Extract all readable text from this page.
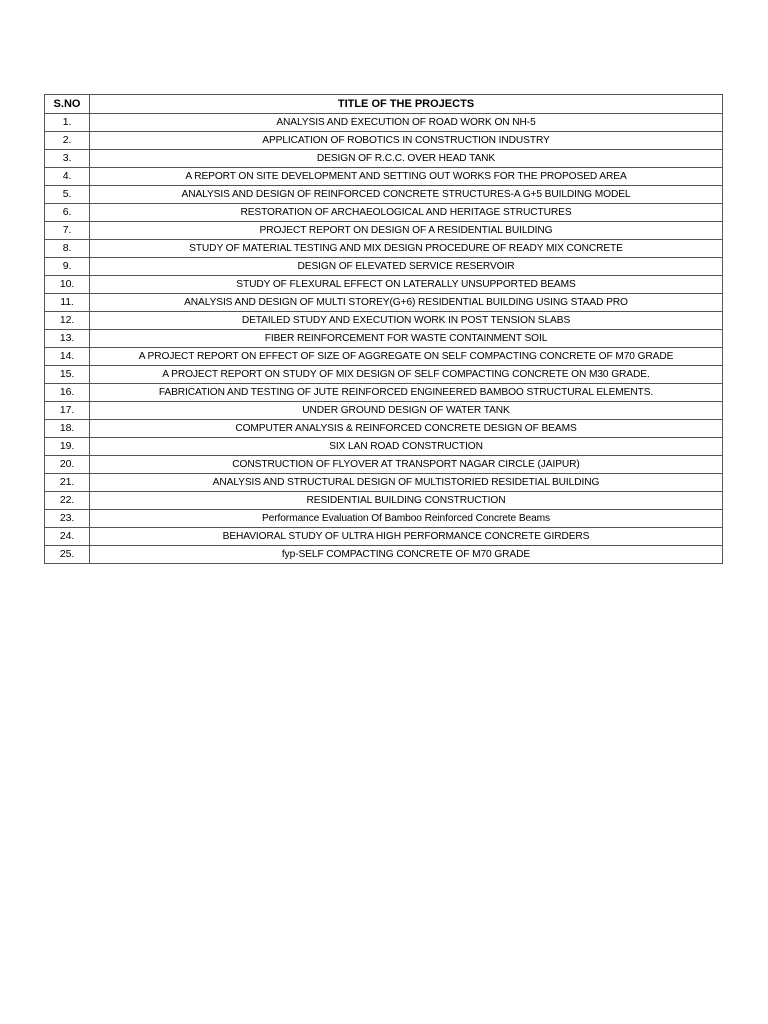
S.NO	TITLE OF THE PROJECTS
1.	ANALYSIS AND EXECUTION OF ROAD WORK ON NH-5
2.	APPLICATION OF ROBOTICS IN CONSTRUCTION INDUSTRY
3.	DESIGN OF R.C.C. OVER HEAD TANK
4.	A REPORT ON SITE DEVELOPMENT AND SETTING OUT WORKS FOR THE PROPOSED AREA
5.	ANALYSIS AND DESIGN OF REINFORCED CONCRETE STRUCTURES-A G+5 BUILDING MODEL
6.	RESTORATION OF ARCHAEOLOGICAL AND HERITAGE STRUCTURES
7.	PROJECT REPORT ON DESIGN OF A RESIDENTIAL BUILDING
8.	STUDY OF MATERIAL TESTING AND MIX DESIGN PROCEDURE OF READY MIX CONCRETE
9.	DESIGN OF ELEVATED SERVICE RESERVOIR
10.	STUDY OF FLEXURAL EFFECT ON LATERALLY UNSUPPORTED BEAMS
11.	ANALYSIS AND DESIGN OF MULTI STOREY(G+6) RESIDENTIAL BUILDING USING STAAD PRO
12.	DETAILED STUDY AND EXECUTION WORK IN POST TENSION SLABS
13.	FIBER REINFORCEMENT FOR WASTE CONTAINMENT SOIL
14.	A PROJECT REPORT ON EFFECT OF SIZE OF AGGREGATE ON SELF COMPACTING CONCRETE OF M70 GRADE
15.	A PROJECT REPORT ON STUDY OF MIX DESIGN OF SELF COMPACTING CONCRETE ON M30 GRADE.
16.	FABRICATION AND TESTING OF JUTE REINFORCED ENGINEERED BAMBOO STRUCTURAL ELEMENTS.
17.	UNDER GROUND DESIGN OF WATER TANK
18.	COMPUTER ANALYSIS & REINFORCED CONCRETE DESIGN OF BEAMS
19.	SIX LAN ROAD CONSTRUCTION
20.	CONSTRUCTION OF FLYOVER AT TRANSPORT NAGAR CIRCLE (JAIPUR)
21.	ANALYSIS AND STRUCTURAL DESIGN OF MULTISTORIED RESIDETIAL BUILDING
22.	RESIDENTIAL BUILDING CONSTRUCTION
23.	Performance Evaluation Of Bamboo Reinforced Concrete Beams
24.	BEHAVIORAL STUDY OF ULTRA HIGH PERFORMANCE CONCRETE GIRDERS
25.	fyp-SELF COMPACTING CONCRETE OF M70 GRADE
